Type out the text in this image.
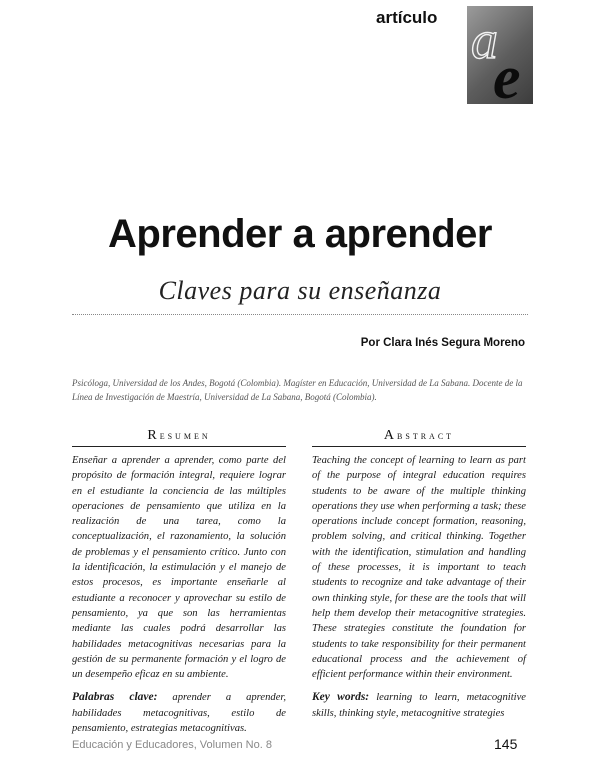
artículo a
e
Aprender a aprender
Claves para su enseñanza
Por Clara Inés Segura Moreno
Psicóloga, Universidad de los Andes, Bogotá (Colombia). Magíster en Educación, Universidad de La Sabana. Docente de la Línea de Investigación de Maestría, Universidad de La Sabana, Bogotá (Colombia).
Resumen
Enseñar a aprender a aprender, como parte del propósito de formación integral, requiere lograr en el estudiante la conciencia de las múltiples operaciones de pensamiento que utiliza en la realización de una tarea, como la conceptualización, el razonamiento, la solución de problemas y el pensamiento crítico. Junto con la identificación, la estimulación y el manejo de estos procesos, es importante enseñarle al estudiante a reconocer y aprovechar su estilo de pensamiento, ya que son las herramientas mediante las cuales podrá desarrollar las habilidades metacognitivas necesarias para la gestión de su permanente formación y el logro de un desempeño eficaz en su ambiente.
Palabras clave: aprender a aprender, habilidades metacognitivas, estilo de pensamiento, estrategias metacognitivas.
Abstract
Teaching the concept of learning to learn as part of the purpose of integral education requires students to be aware of the multiple thinking operations they use when performing a task; these operations include concept formation, reasoning, problem solving, and critical thinking. Together with the identification, stimulation and handling of these processes, it is important to teach students to recognize and take advantage of their own thinking style, for these are the tools that will help them develop their metacognitive strategies. These strategies constitute the foundation for students to take responsibility for their permanent educational process and the achievement of efficient performance within their environment.
Key words: learning to learn, metacognitive skills, thinking style, metacognitive strategies
Educación y Educadores, Volumen No. 8	145
